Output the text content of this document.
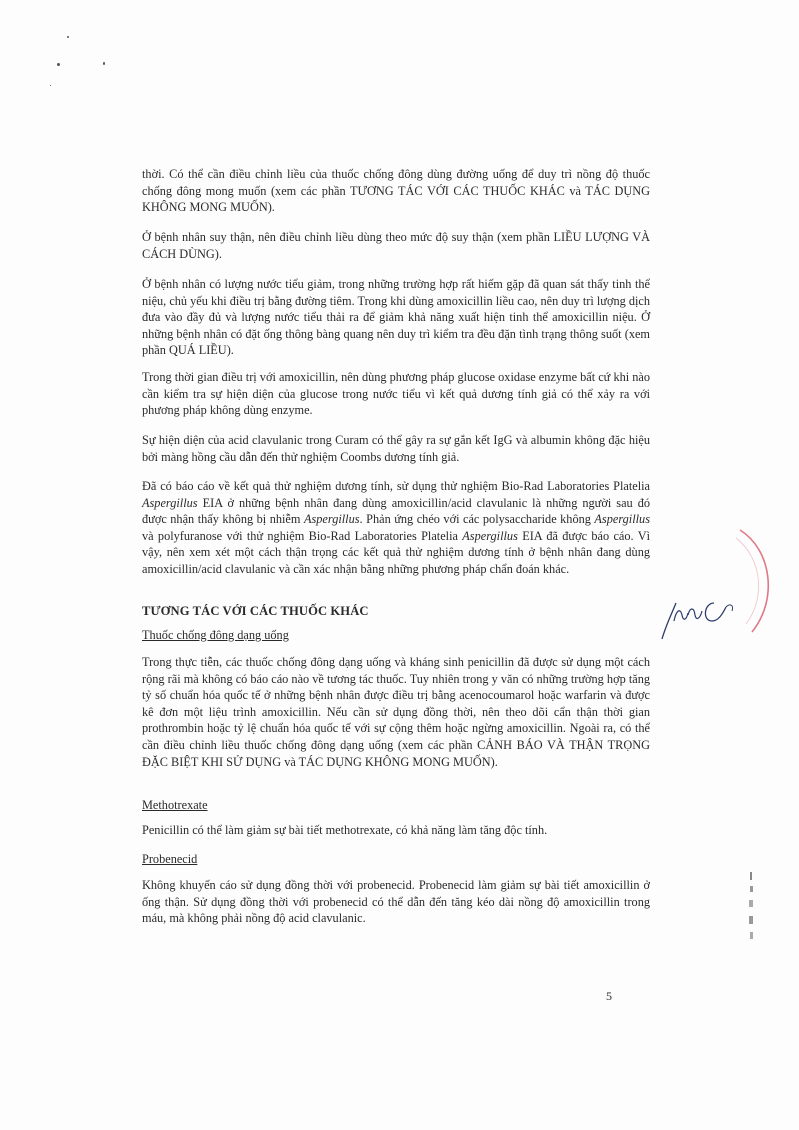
thời. Có thể cần điều chỉnh liều của thuốc chống đông dùng đường uống để duy trì nồng độ thuốc chống đông mong muốn (xem các phần TƯƠNG TÁC VỚI CÁC THUỐC KHÁC và TÁC DỤNG KHÔNG MONG MUỐN).

Ở bệnh nhân suy thận, nên điều chỉnh liều dùng theo mức độ suy thận (xem phần LIỀU LƯỢNG VÀ CÁCH DÙNG).

Ở bệnh nhân có lượng nước tiểu giảm, trong những trường hợp rất hiếm gặp đã quan sát thấy tinh thể niệu, chủ yếu khi điều trị bằng đường tiêm. Trong khi dùng amoxicillin liều cao, nên duy trì lượng dịch đưa vào đầy đủ và lượng nước tiểu thải ra để giảm khả năng xuất hiện tinh thể amoxicillin niệu. Ở những bệnh nhân có đặt ống thông bàng quang nên duy trì kiểm tra đều đặn tình trạng thông suốt (xem phần QUÁ LIỀU).

Trong thời gian điều trị với amoxicillin, nên dùng phương pháp glucose oxidase enzyme bất cứ khi nào cần kiểm tra sự hiện diện của glucose trong nước tiểu vì kết quả dương tính giả có thể xảy ra với phương pháp không dùng enzyme.

Sự hiện diện của acid clavulanic trong Curam có thể gây ra sự gắn kết IgG và albumin không đặc hiệu bởi màng hồng cầu dẫn đến thử nghiệm Coombs dương tính giả.

Đã có báo cáo về kết quả thử nghiệm dương tính, sử dụng thử nghiệm Bio-Rad Laboratories Platelia Aspergillus EIA ở những bệnh nhân đang dùng amoxicillin/acid clavulanic là những người sau đó được nhận thấy không bị nhiễm Aspergillus. Phản ứng chéo với các polysaccharide không Aspergillus và polyfuranose với thử nghiệm Bio-Rad Laboratories Platelia Aspergillus EIA đã được báo cáo. Vì vậy, nên xem xét một cách thận trọng các kết quả thử nghiệm dương tính ở bệnh nhân đang dùng amoxicillin/acid clavulanic và cần xác nhận bằng những phương pháp chẩn đoán khác.

TƯƠNG TÁC VỚI CÁC THUỐC KHÁC

Thuốc chống đông dạng uống

Trong thực tiễn, các thuốc chống đông dạng uống và kháng sinh penicillin đã được sử dụng một cách rộng rãi mà không có báo cáo nào về tương tác thuốc. Tuy nhiên trong y văn có những trường hợp tăng tỷ số chuẩn hóa quốc tế ở những bệnh nhân được điều trị bằng acenocoumarol hoặc warfarin và được kê đơn một liệu trình amoxicillin. Nếu cần sử dụng đồng thời, nên theo dõi cẩn thận thời gian prothrombin hoặc tỷ lệ chuẩn hóa quốc tế với sự cộng thêm hoặc ngừng amoxicillin. Ngoài ra, có thể cần điều chỉnh liều thuốc chống đông dạng uống (xem các phần CẢNH BÁO VÀ THẬN TRỌNG ĐẶC BIỆT KHI SỬ DỤNG và TÁC DỤNG KHÔNG MONG MUỐN).

Methotrexate

Penicillin có thể làm giảm sự bài tiết methotrexate, có khả năng làm tăng độc tính.

Probenecid

Không khuyến cáo sử dụng đồng thời với probenecid. Probenecid làm giảm sự bài tiết amoxicillin ở ống thận. Sử dụng đồng thời với probenecid có thể dẫn đến tăng kéo dài nồng độ amoxicillin trong máu, mà không phải nồng độ acid clavulanic.

5
